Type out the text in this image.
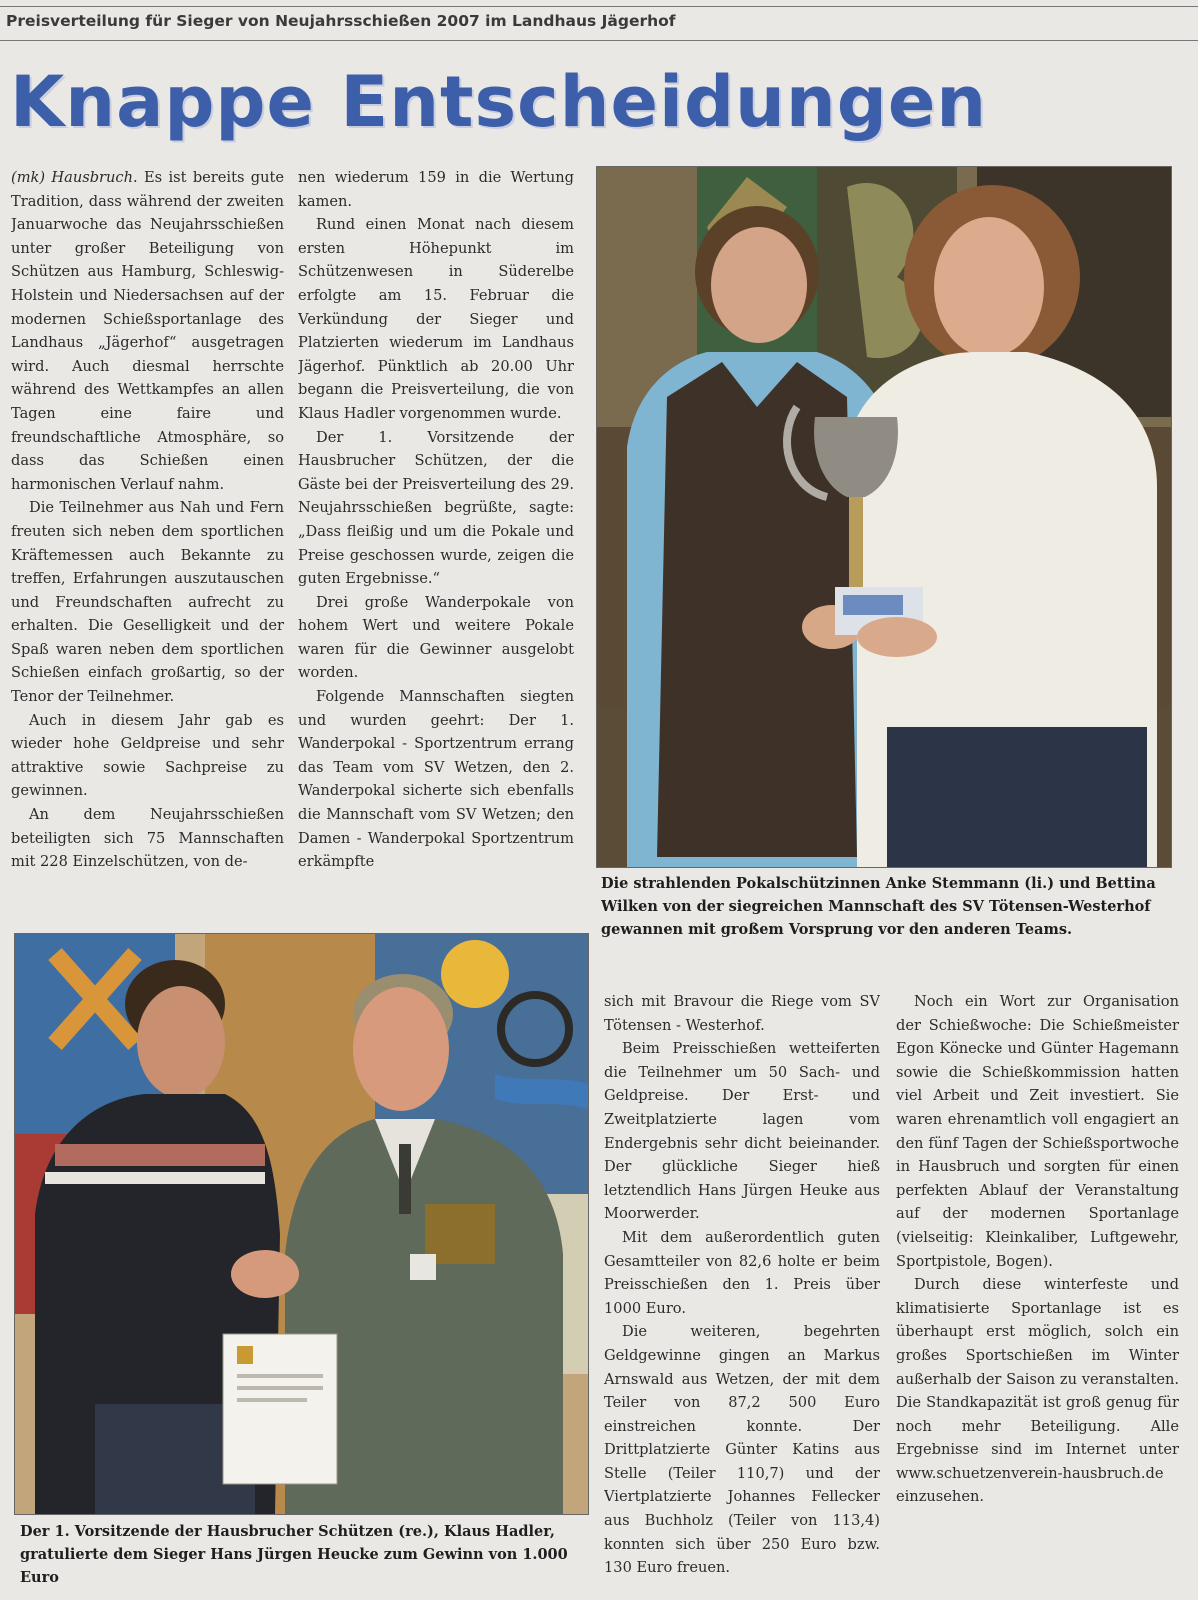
Preisverteilung für Sieger von Neujahrsschießen 2007 im Landhaus Jägerhof
Knappe Entscheidungen

(mk) Hausbruch. Es ist bereits gute Tradition, dass während der zweiten Januarwoche das Neujahrsschießen unter großer Beteiligung von Schützen aus Hamburg, Schleswig- Holstein und Niedersachsen auf der modernen Schießsportanlage des Landhaus „Jägerhof“ ausgetragen wird. Auch diesmal herrschte während des Wettkampfes an allen Tagen eine faire und freundschaftliche Atmosphäre, so dass das Schießen einen harmonischen Verlauf nahm.

Die Teilnehmer aus Nah und Fern freuten sich neben dem sportlichen Kräftemessen auch Bekannte zu treffen, Erfahrungen auszutauschen und Freundschaften aufrecht zu erhalten. Die Geselligkeit und der Spaß waren neben dem sportlichen Schießen einfach großartig, so der Tenor der Teilnehmer.

Auch in diesem Jahr gab es wieder hohe Geldpreise und sehr attraktive sowie Sachpreise zu gewinnen.

An dem Neujahrsschießen beteiligten sich 75 Mannschaften mit 228 Einzelschützen, von de-

nen wiederum 159 in die Wertung kamen.

Rund einen Monat nach diesem ersten Höhepunkt im Schützenwesen in Süderelbe erfolgte am 15. Februar die Verkündung der Sieger und Platzierten wiederum im Landhaus Jägerhof. Pünktlich ab 20.00 Uhr begann die Preisverteilung, die von Klaus Hadler vorgenommen wurde.

Der 1. Vorsitzende der Hausbrucher Schützen, der die Gäste bei der Preisverteilung des 29. Neujahrsschießen begrüßte, sagte: „Dass fleißig und um die Pokale und Preise geschossen wurde, zeigen die guten Ergebnisse.“

Drei große Wanderpokale von hohem Wert und weitere Pokale waren für die Gewinner ausgelobt worden.

Folgende Mannschaften siegten und wurden geehrt: Der 1. Wanderpokal - Sportzentrum errang das Team vom SV Wetzen, den 2. Wanderpokal sicherte sich ebenfalls die Mannschaft vom SV Wetzen; den Damen - Wanderpokal Sportzentrum erkämpfte

Die strahlenden Pokalschützinnen Anke Stemmann (li.) und Bettina Wilken von der siegreichen Mannschaft des SV Tötensen-Westerhof gewannen mit großem Vorsprung vor den anderen Teams.
Der 1. Vorsitzende der Hausbrucher Schützen (re.), Klaus Hadler, gratulierte dem Sieger Hans Jürgen Heucke zum Gewinn von 1.000 Euro

sich mit Bravour die Riege vom SV Tötensen - Westerhof.

Beim Preisschießen wetteiferten die Teilnehmer um 50 Sach- und Geldpreise. Der Erst- und Zweitplatzierte lagen vom Endergebnis sehr dicht beieinander. Der glückliche Sieger hieß letztendlich Hans Jürgen Heuke aus Moorwerder.

Mit dem außerordentlich guten Gesamtteiler von 82,6 holte er beim Preisschießen den 1. Preis über 1000 Euro.

Die weiteren, begehrten Geldgewinne gingen an Markus Arnswald aus Wetzen, der mit dem Teiler von 87,2 500 Euro einstreichen konnte. Der Drittplatzierte Günter Katins aus Stelle (Teiler 110,7) und der Viertplatzierte Johannes Fellecker aus Buchholz (Teiler von 113,4) konnten sich über 250 Euro bzw. 130 Euro freuen.

Noch ein Wort zur Organisation der Schießwoche: Die Schießmeister Egon Könecke und Günter Hagemann sowie die Schießkommission hatten viel Arbeit und Zeit investiert. Sie waren ehrenamtlich voll engagiert an den fünf Tagen der Schießsportwoche in Hausbruch und sorgten für einen perfekten Ablauf der Veranstaltung auf der modernen Sportanlage (vielseitig: Kleinkaliber, Luftgewehr, Sportpistole, Bogen).

Durch diese winterfeste und klimatisierte Sportanlage ist es überhaupt erst möglich, solch ein großes Sportschießen im Winter außerhalb der Saison zu veranstalten. Die Standkapazität ist groß genug für noch mehr Beteiligung. Alle Ergebnisse sind im Internet unter www.schuetzenverein-hausbruch.de einzusehen.
